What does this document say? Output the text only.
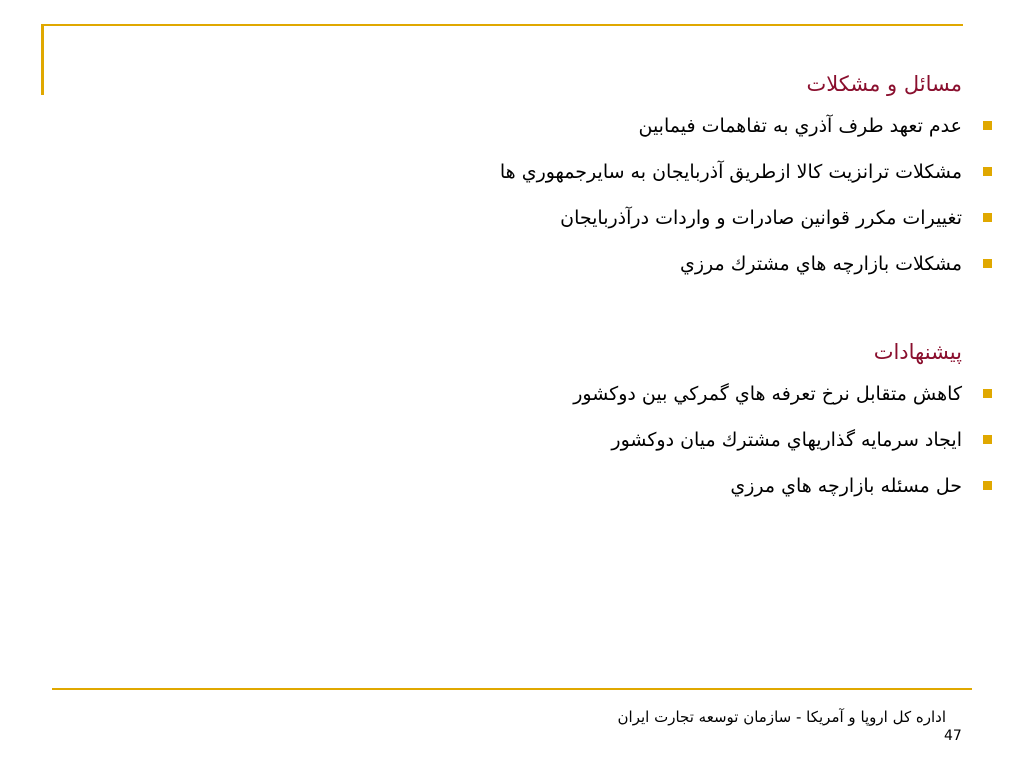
مسائل و مشکلات
عدم تعهد طرف آذري به تفاهمات فيمابين
مشكلات ترانزيت كالا ازطريق آذربايجان به سايرجمهوري ها
تغييرات مكرر قوانين صادرات و واردات درآذربايجان
مشكلات بازارچه هاي مشترك مرزي
پيشنهادات
كاهش متقابل نرخ تعرفه هاي گمركي بين دوكشور
ايجاد سرمايه گذاريهاي مشترك ميان دوكشور
حل مسئله بازارچه هاي مرزي
اداره كل اروپا و آمريكا - سازمان توسعه تجارت ايران
47
